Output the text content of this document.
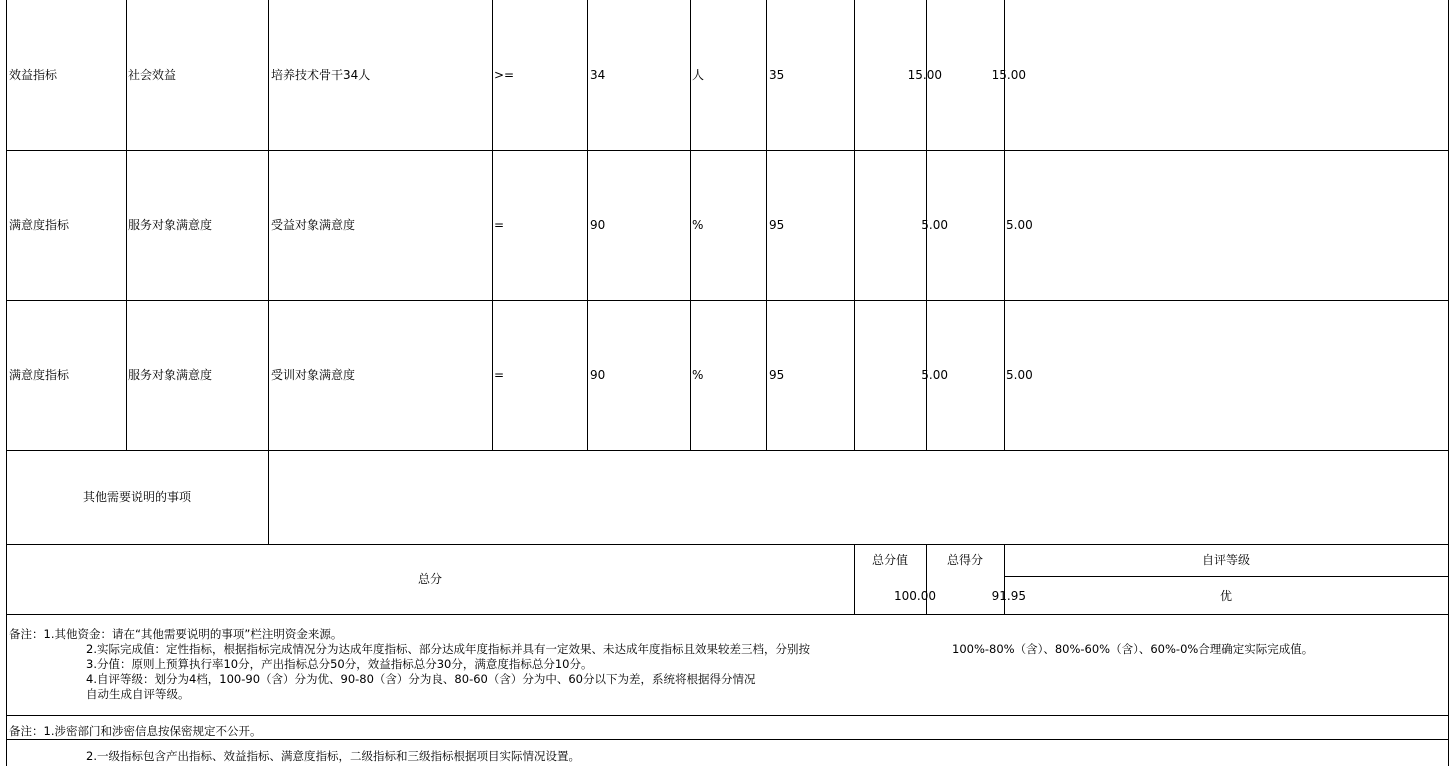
效益指标	社会效益	培养技术骨干34人	>=	34	人	35	15.00	15.00
满意度指标	服务对象满意度	受益对象满意度	=	90	%	95	5.00	5.00
满意度指标	服务对象满意度	受训对象满意度	=	90	%	95	5.00	5.00
其他需要说明的事项
总分
总分值	总得分	自评等级
100.00	91.95	优
备注：1.其他资金：请在“其他需要说明的事项”栏注明资金来源。
2.实际完成值：定性指标，根据指标完成情况分为达成年度指标、部分达成年度指标并具有一定效果、未达成年度指标且效果较差三档，分别按	100%-80%（含）、80%-60%（含）、60%-0%合理确定实际完成值。
3.分值：原则上预算执行率10分，产出指标总分50分，效益指标总分30分，满意度指标总分10分。
4.自评等级：划分为4档，100-90（含）分为优、90-80（含）分为良、80-60（含）分为中、60分以下为差，系统将根据得分情况
自动生成自评等级。
备注：1.涉密部门和涉密信息按保密规定不公开。
2.一级指标包含产出指标、效益指标、满意度指标，二级指标和三级指标根据项目实际情况设置。
